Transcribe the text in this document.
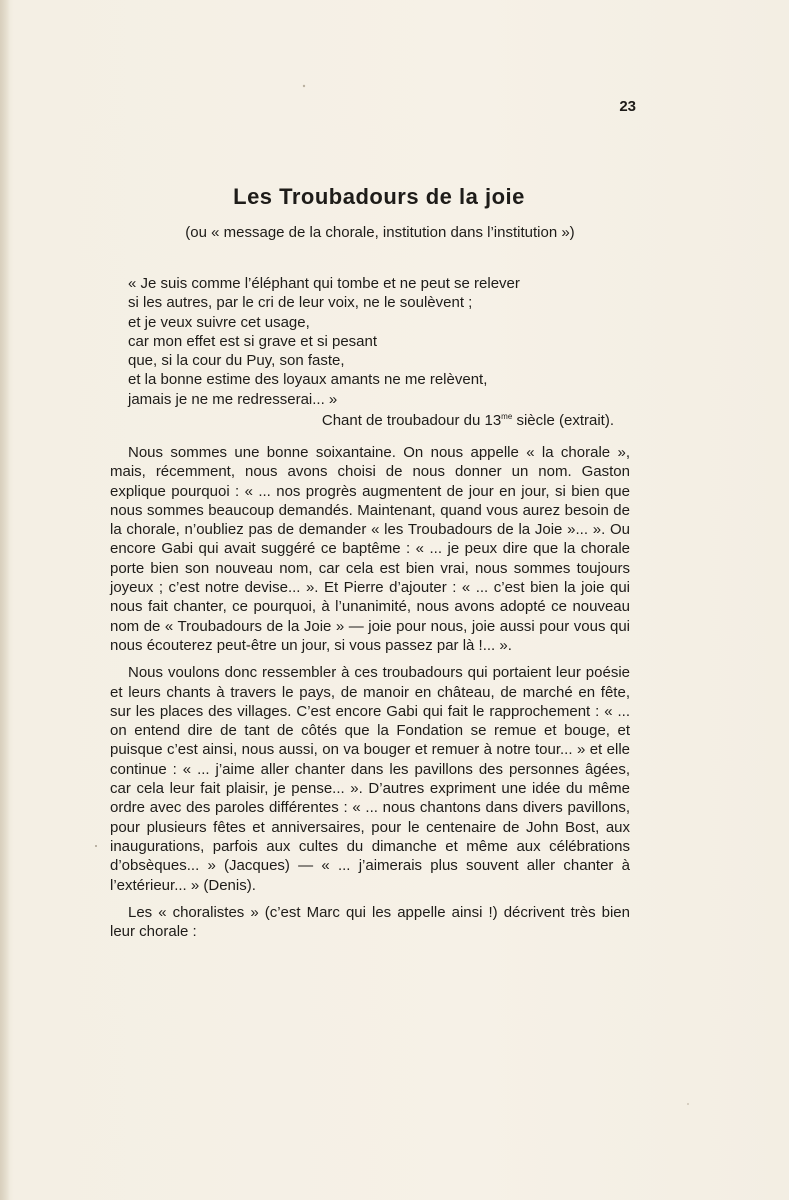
23
Les Troubadours de la joie
(ou « message de la chorale, institution dans l’institution »)
« Je suis comme l’éléphant qui tombe et ne peut se relever
si les autres, par le cri de leur voix, ne le soulèvent ;
et je veux suivre cet usage,
car mon effet est si grave et si pesant
que, si la cour du Puy, son faste,
et la bonne estime des loyaux amants ne me relèvent,
jamais je ne me redresserai... »
Chant de troubadour du $13^{me}$ siècle (extrait).

Nous sommes une bonne soixantaine. On nous appelle « la chorale », mais, récemment, nous avons choisi de nous donner un nom. Gaston explique pourquoi : « ... nos progrès augmentent de jour en jour, si bien que nous sommes beaucoup demandés. Maintenant, quand vous aurez besoin de la chorale, n’oubliez pas de demander « les Troubadours de la Joie »... ». Ou encore Gabi qui avait suggéré ce baptême : « ... je peux dire que la chorale porte bien son nouveau nom, car cela est bien vrai, nous sommes toujours joyeux ; c’est notre devise... ». Et Pierre d’ajouter : « ... c’est bien la joie qui nous fait chanter, ce pourquoi, à l’unanimité, nous avons adopté ce nouveau nom de « Troubadours de la Joie » — joie pour nous, joie aussi pour vous qui nous écouterez peut-être un jour, si vous passez par là !... ».

Nous voulons donc ressembler à ces troubadours qui portaient leur poésie et leurs chants à travers le pays, de manoir en château, de marché en fête, sur les places des villages. C’est encore Gabi qui fait le rapprochement : « ... on entend dire de tant de côtés que la Fondation se remue et bouge, et puisque c’est ainsi, nous aussi, on va bouger et remuer à notre tour... » et elle continue : « ... j’aime aller chanter dans les pavillons des personnes âgées, car cela leur fait plaisir, je pense... ». D’autres expriment une idée du même ordre avec des paroles différentes : « ... nous chantons dans divers pavillons, pour plusieurs fêtes et anniversaires, pour le centenaire de John Bost, aux inaugurations, parfois aux cultes du dimanche et même aux célébrations d’obsèques... » (Jacques) — « ... j’aimerais plus souvent aller chanter à l’extérieur... » (Denis).

Les « choralistes » (c’est Marc qui les appelle ainsi !) décrivent très bien leur chorale :
